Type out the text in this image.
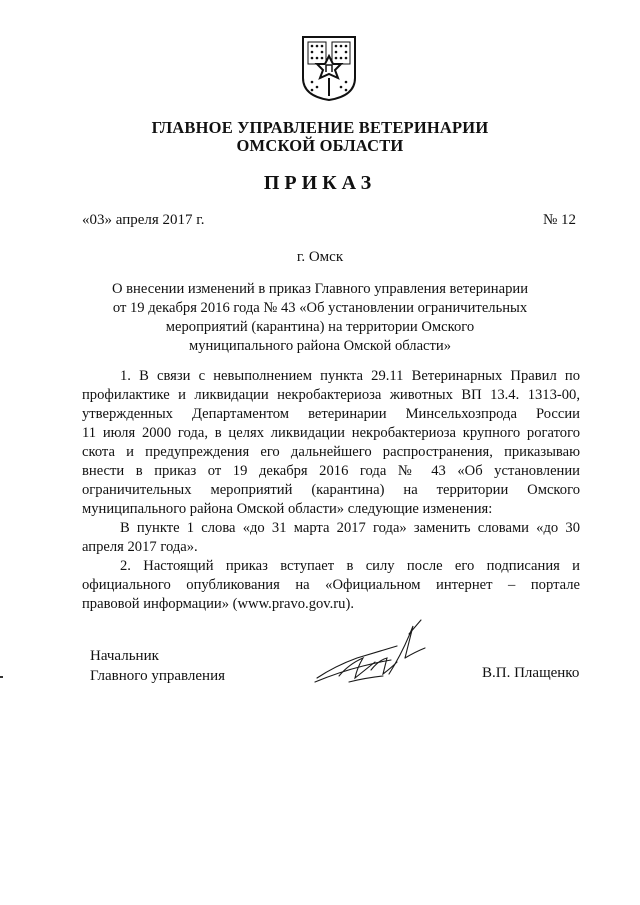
ГЛАВНОЕ УПРАВЛЕНИЕ ВЕТЕРИНАРИИ
ОМСКОЙ ОБЛАСТИ
ПРИКАЗ
«03» апреля 2017 г.	№ 12
г. Омск
О внесении изменений в приказ Главного управления ветеринарии
от 19 декабря 2016 года № 43 «Об установлении ограничительных
мероприятий (карантина) на территории Омского
муниципального района Омской области»
1. В связи с невыполнением пункта 29.11 Ветеринарных Правил по
профилактике и ликвидации некробактериоза животных ВП 13.4. 1313-00,
утвержденных Департаментом ветеринарии Минсельхозпрода России
11 июля 2000 года, в целях ликвидации некробактериоза крупного рогатого
скота и предупреждения его дальнейшего распространения, приказываю
внести в приказ от 19 декабря 2016 года № 43 «Об установлении
ограничительных мероприятий (карантина) на территории Омского
муниципального района Омской области» следующие изменения:
В пункте 1 слова «до 31 марта 2017 года» заменить словами «до 30
апреля 2017 года».
2. Настоящий приказ вступает в силу после его подписания и
официального опубликования на «Официальном интернет – портале
правовой информации» (www.pravo.gov.ru).
Начальник
Главного управления	В.П. Плащенко
